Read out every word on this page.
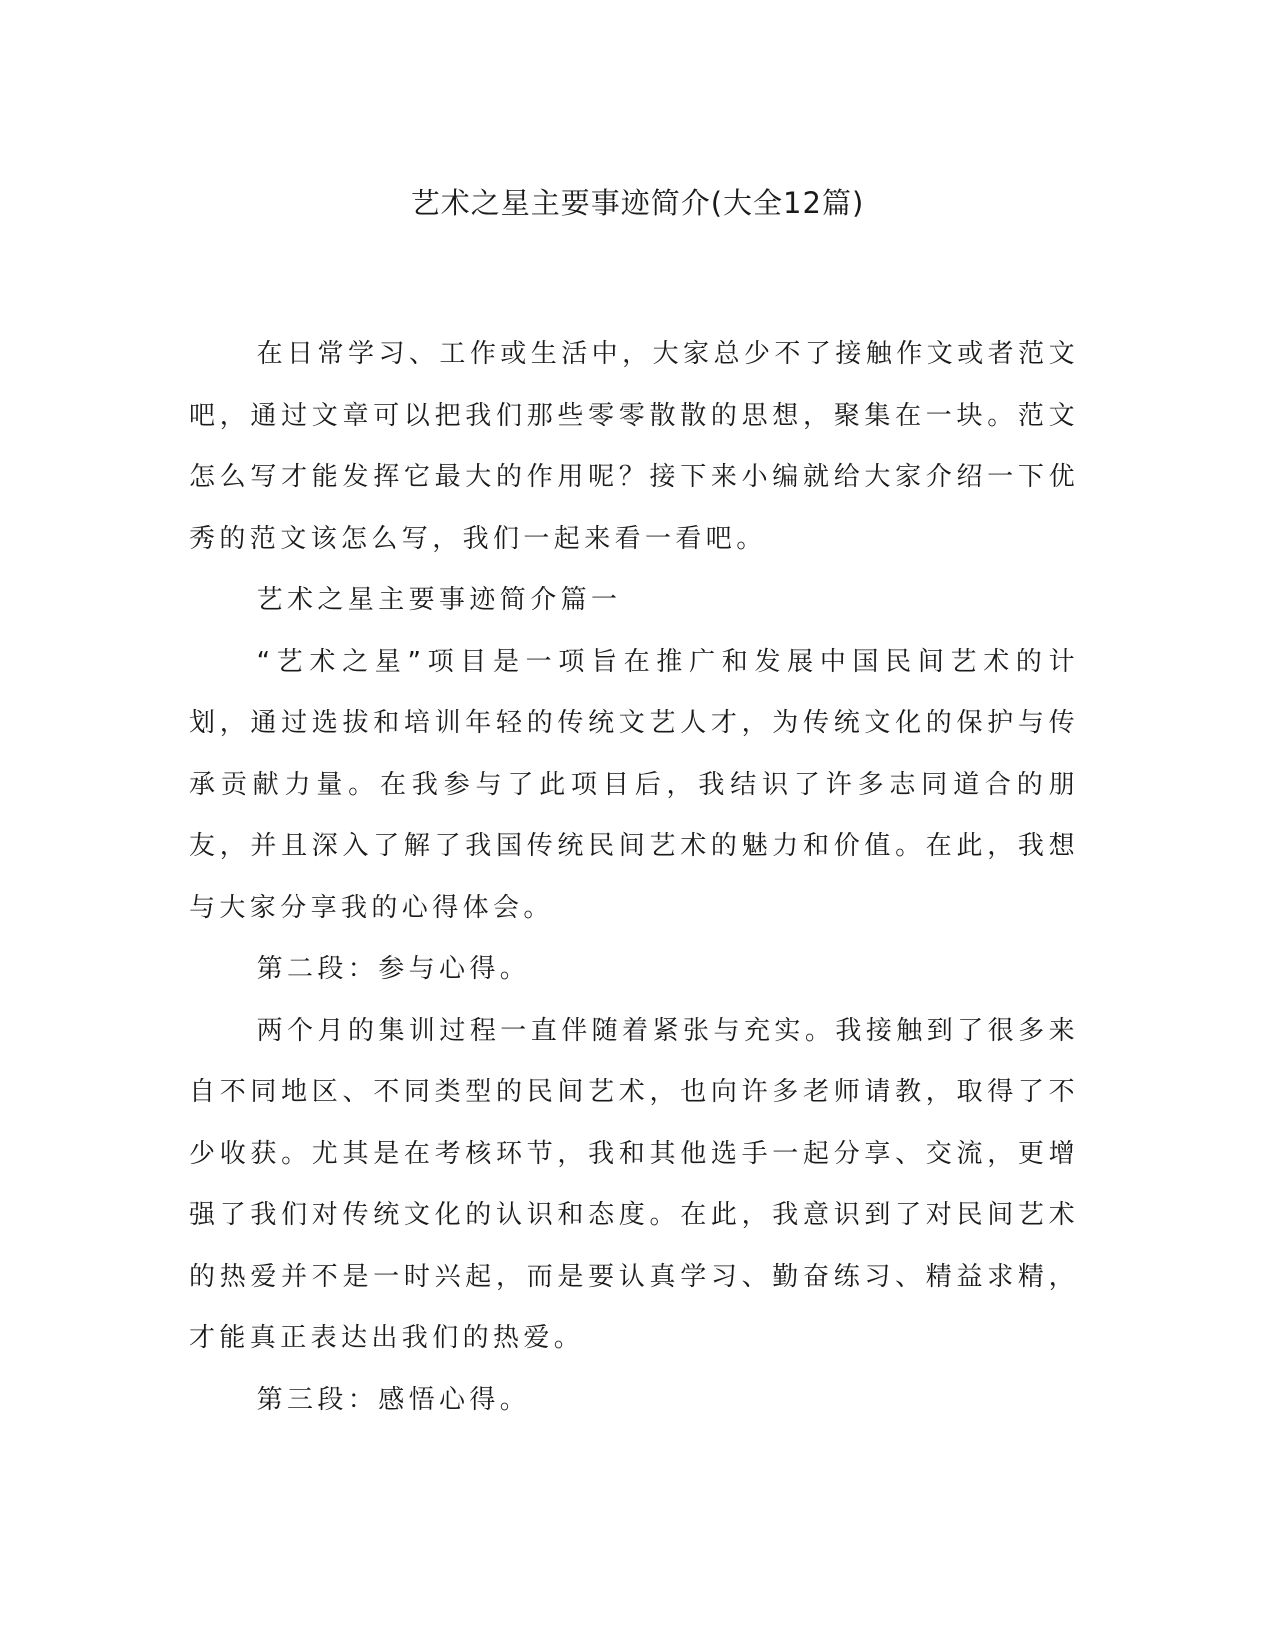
艺术之星主要事迹简介(大全12篇)

在日常学习、工作或生活中，大家总少不了接触作文或者范文吧，通过文章可以把我们那些零零散散的思想，聚集在一块。范文怎么写才能发挥它最大的作用呢？接下来小编就给大家介绍一下优秀的范文该怎么写，我们一起来看一看吧。

艺术之星主要事迹简介篇一

“艺术之星”项目是一项旨在推广和发展中国民间艺术的计划，通过选拔和培训年轻的传统文艺人才，为传统文化的保护与传承贡献力量。在我参与了此项目后，我结识了许多志同道合的朋友，并且深入了解了我国传统民间艺术的魅力和价值。在此，我想与大家分享我的心得体会。

第二段：参与心得。

两个月的集训过程一直伴随着紧张与充实。我接触到了很多来自不同地区、不同类型的民间艺术，也向许多老师请教，取得了不少收获。尤其是在考核环节，我和其他选手一起分享、交流，更增强了我们对传统文化的认识和态度。在此，我意识到了对民间艺术的热爱并不是一时兴起，而是要认真学习、勤奋练习、精益求精，才能真正表达出我们的热爱。

第三段：感悟心得。
